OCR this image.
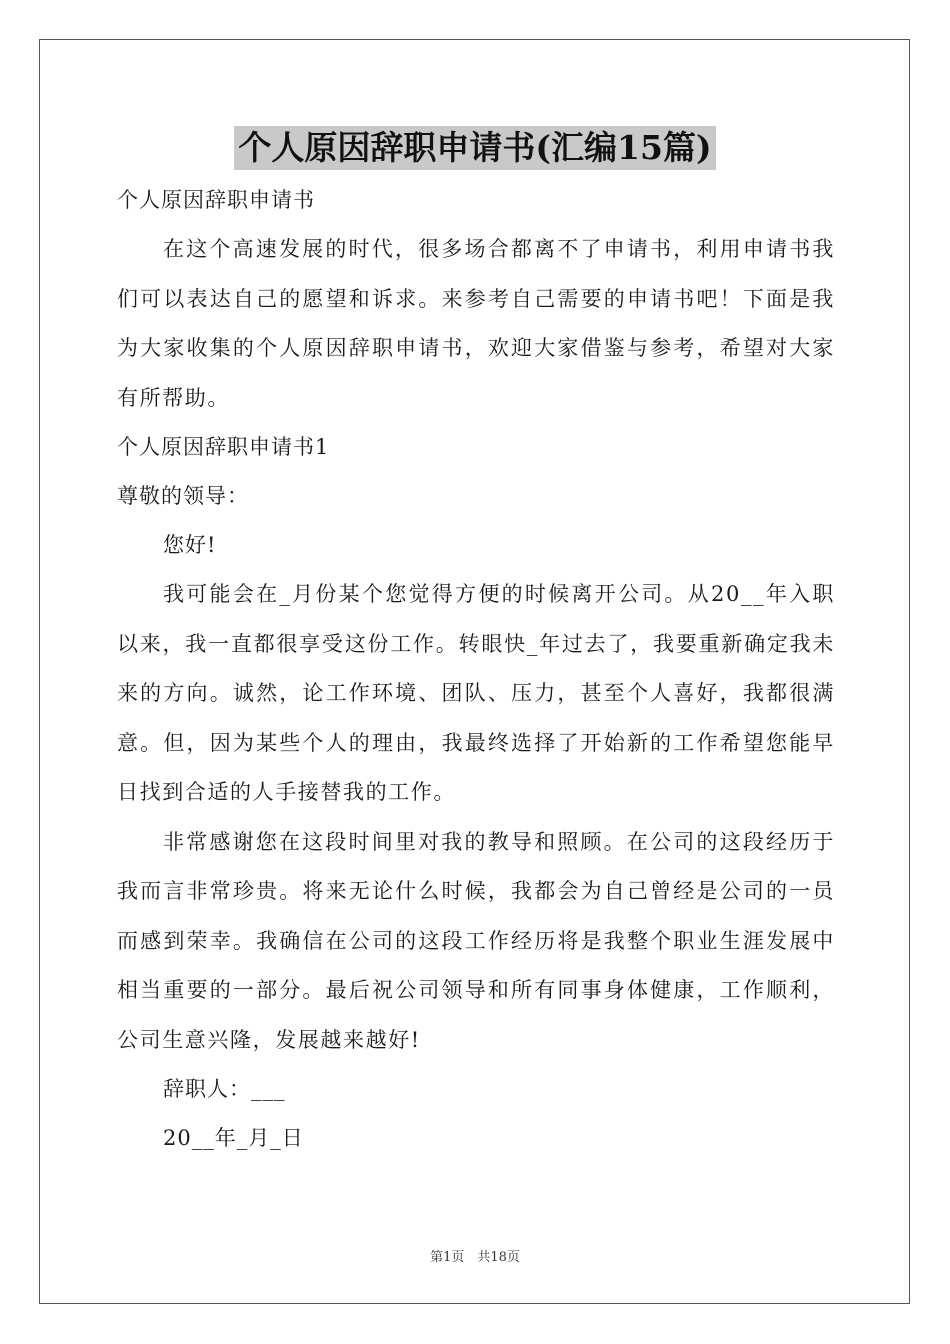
个人原因辞职申请书(汇编15篇)
个人原因辞职申请书

在这个高速发展的时代，很多场合都离不了申请书，利用申请书我们可以表达自己的愿望和诉求。来参考自己需要的申请书吧！下面是我为大家收集的个人原因辞职申请书，欢迎大家借鉴与参考，希望对大家有所帮助。

个人原因辞职申请书1
尊敬的领导：
您好!

我可能会在_月份某个您觉得方便的时候离开公司。从20__年入职以来，我一直都很享受这份工作。转眼快_年过去了，我要重新确定我未来的方向。诚然，论工作环境、团队、压力，甚至个人喜好，我都很满意。但，因为某些个人的理由，我最终选择了开始新的工作希望您能早日找到合适的人手接替我的工作。

非常感谢您在这段时间里对我的教导和照顾。在公司的这段经历于我而言非常珍贵。将来无论什么时候，我都会为自己曾经是公司的一员而感到荣幸。我确信在公司的这段工作经历将是我整个职业生涯发展中相当重要的一部分。最后祝公司领导和所有同事身体健康，工作顺利，公司生意兴隆，发展越来越好!

辞职人：___
20__年_月_日
第1页　共18页
